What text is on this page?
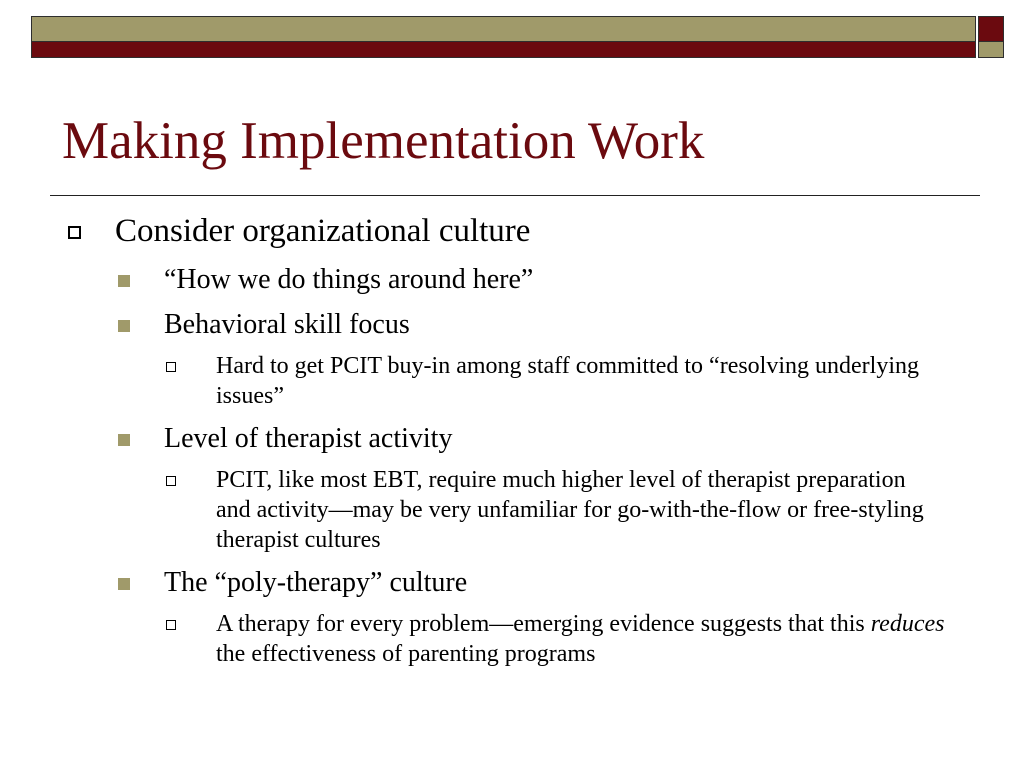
Making Implementation Work
Consider organizational culture
“How we do things around here”
Behavioral skill focus
Hard to get PCIT buy-in among staff committed to “resolving underlying issues”
Level of therapist activity
PCIT, like most EBT, require much higher level of therapist preparation and activity—may be very unfamiliar for go-with-the-flow or free-styling therapist cultures
The “poly-therapy” culture
A therapy for every problem—emerging evidence suggests that this reduces the effectiveness of parenting programs
